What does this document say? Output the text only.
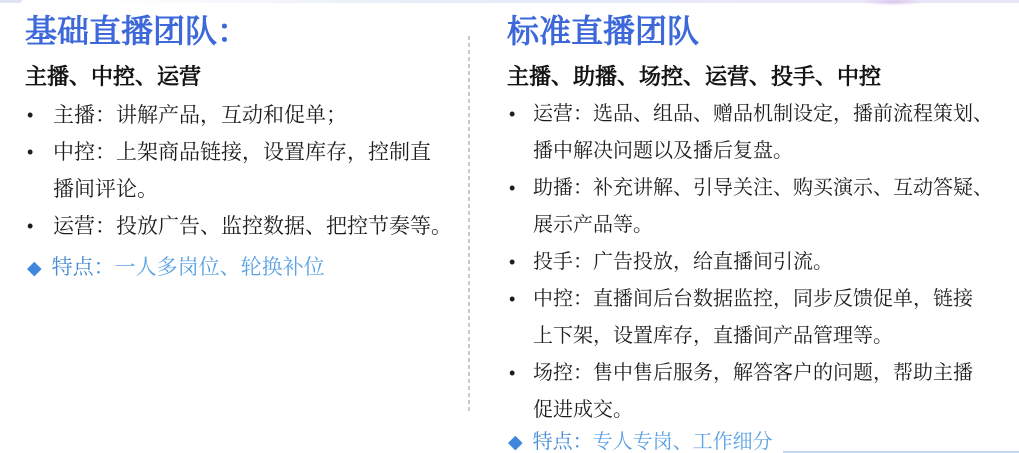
基础直播团队：
主播、中控、运营
• 主播：讲解产品，互动和促单；
• 中控：上架商品链接，设置库存，控制直
播间评论。
• 运营：投放广告、监控数据、把控节奏等。
◆ 特点：一人多岗位、轮换补位
标准直播团队
主播、助播、场控、运营、投手、中控
• 运营：选品、组品、赠品机制设定，播前流程策划、
播中解决问题以及播后复盘。
• 助播：补充讲解、引导关注、购买演示、互动答疑、
展示产品等。
• 投手：广告投放，给直播间引流。
• 中控：直播间后台数据监控，同步反馈促单，链接
上下架，设置库存，直播间产品管理等。
• 场控：售中售后服务，解答客户的问题，帮助主播
促进成交。
◆ 特点：专人专岗、工作细分
